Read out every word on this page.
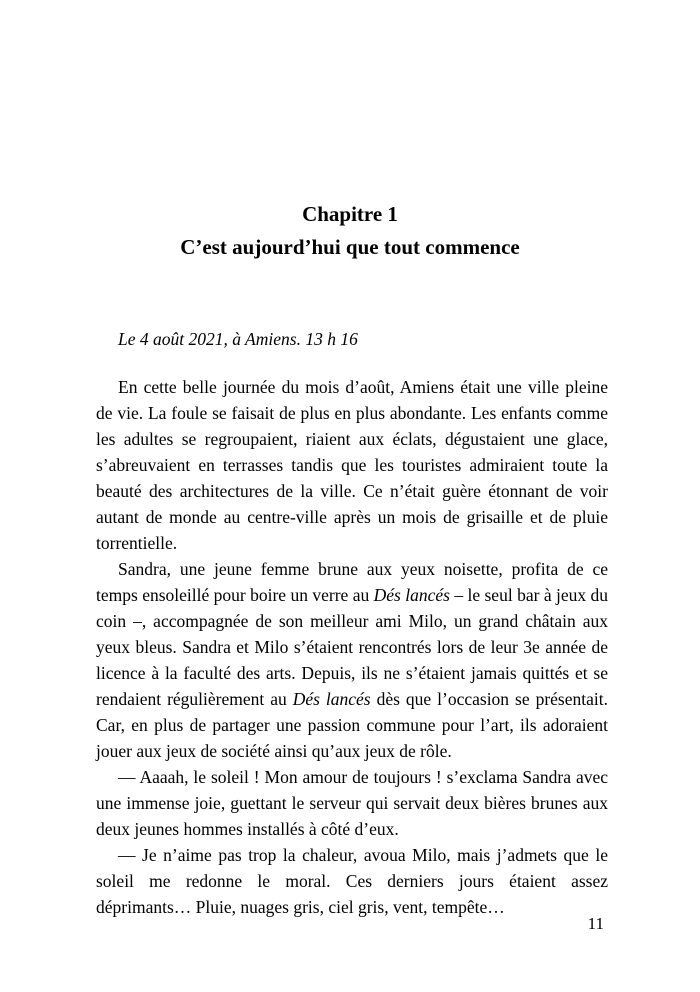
Chapitre 1
C’est aujourd’hui que tout commence
Le 4 août 2021, à Amiens. 13 h 16

En cette belle journée du mois d’août, Amiens était une ville pleine de vie. La foule se faisait de plus en plus abondante. Les enfants comme les adultes se regroupaient, riaient aux éclats, dégustaient une glace, s’abreuvaient en terrasses tandis que les touristes admiraient toute la beauté des architectures de la ville. Ce n’était guère étonnant de voir autant de monde au centre-ville après un mois de grisaille et de pluie torrentielle.

Sandra, une jeune femme brune aux yeux noisette, profita de ce temps ensoleillé pour boire un verre au Dés lancés – le seul bar à jeux du coin –, accompagnée de son meilleur ami Milo, un grand châtain aux yeux bleus. Sandra et Milo s’étaient rencontrés lors de leur 3e année de licence à la faculté des arts. Depuis, ils ne s’étaient jamais quittés et se rendaient régulièrement au Dés lancés dès que l’occasion se présentait. Car, en plus de partager une passion commune pour l’art, ils adoraient jouer aux jeux de société ainsi qu’aux jeux de rôle.

— Aaaah, le soleil ! Mon amour de toujours ! s’exclama Sandra avec une immense joie, guettant le serveur qui servait deux bières brunes aux deux jeunes hommes installés à côté d’eux.

— Je n’aime pas trop la chaleur, avoua Milo, mais j’admets que le soleil me redonne le moral. Ces derniers jours étaient assez déprimants… Pluie, nuages gris, ciel gris, vent, tempête…

11
